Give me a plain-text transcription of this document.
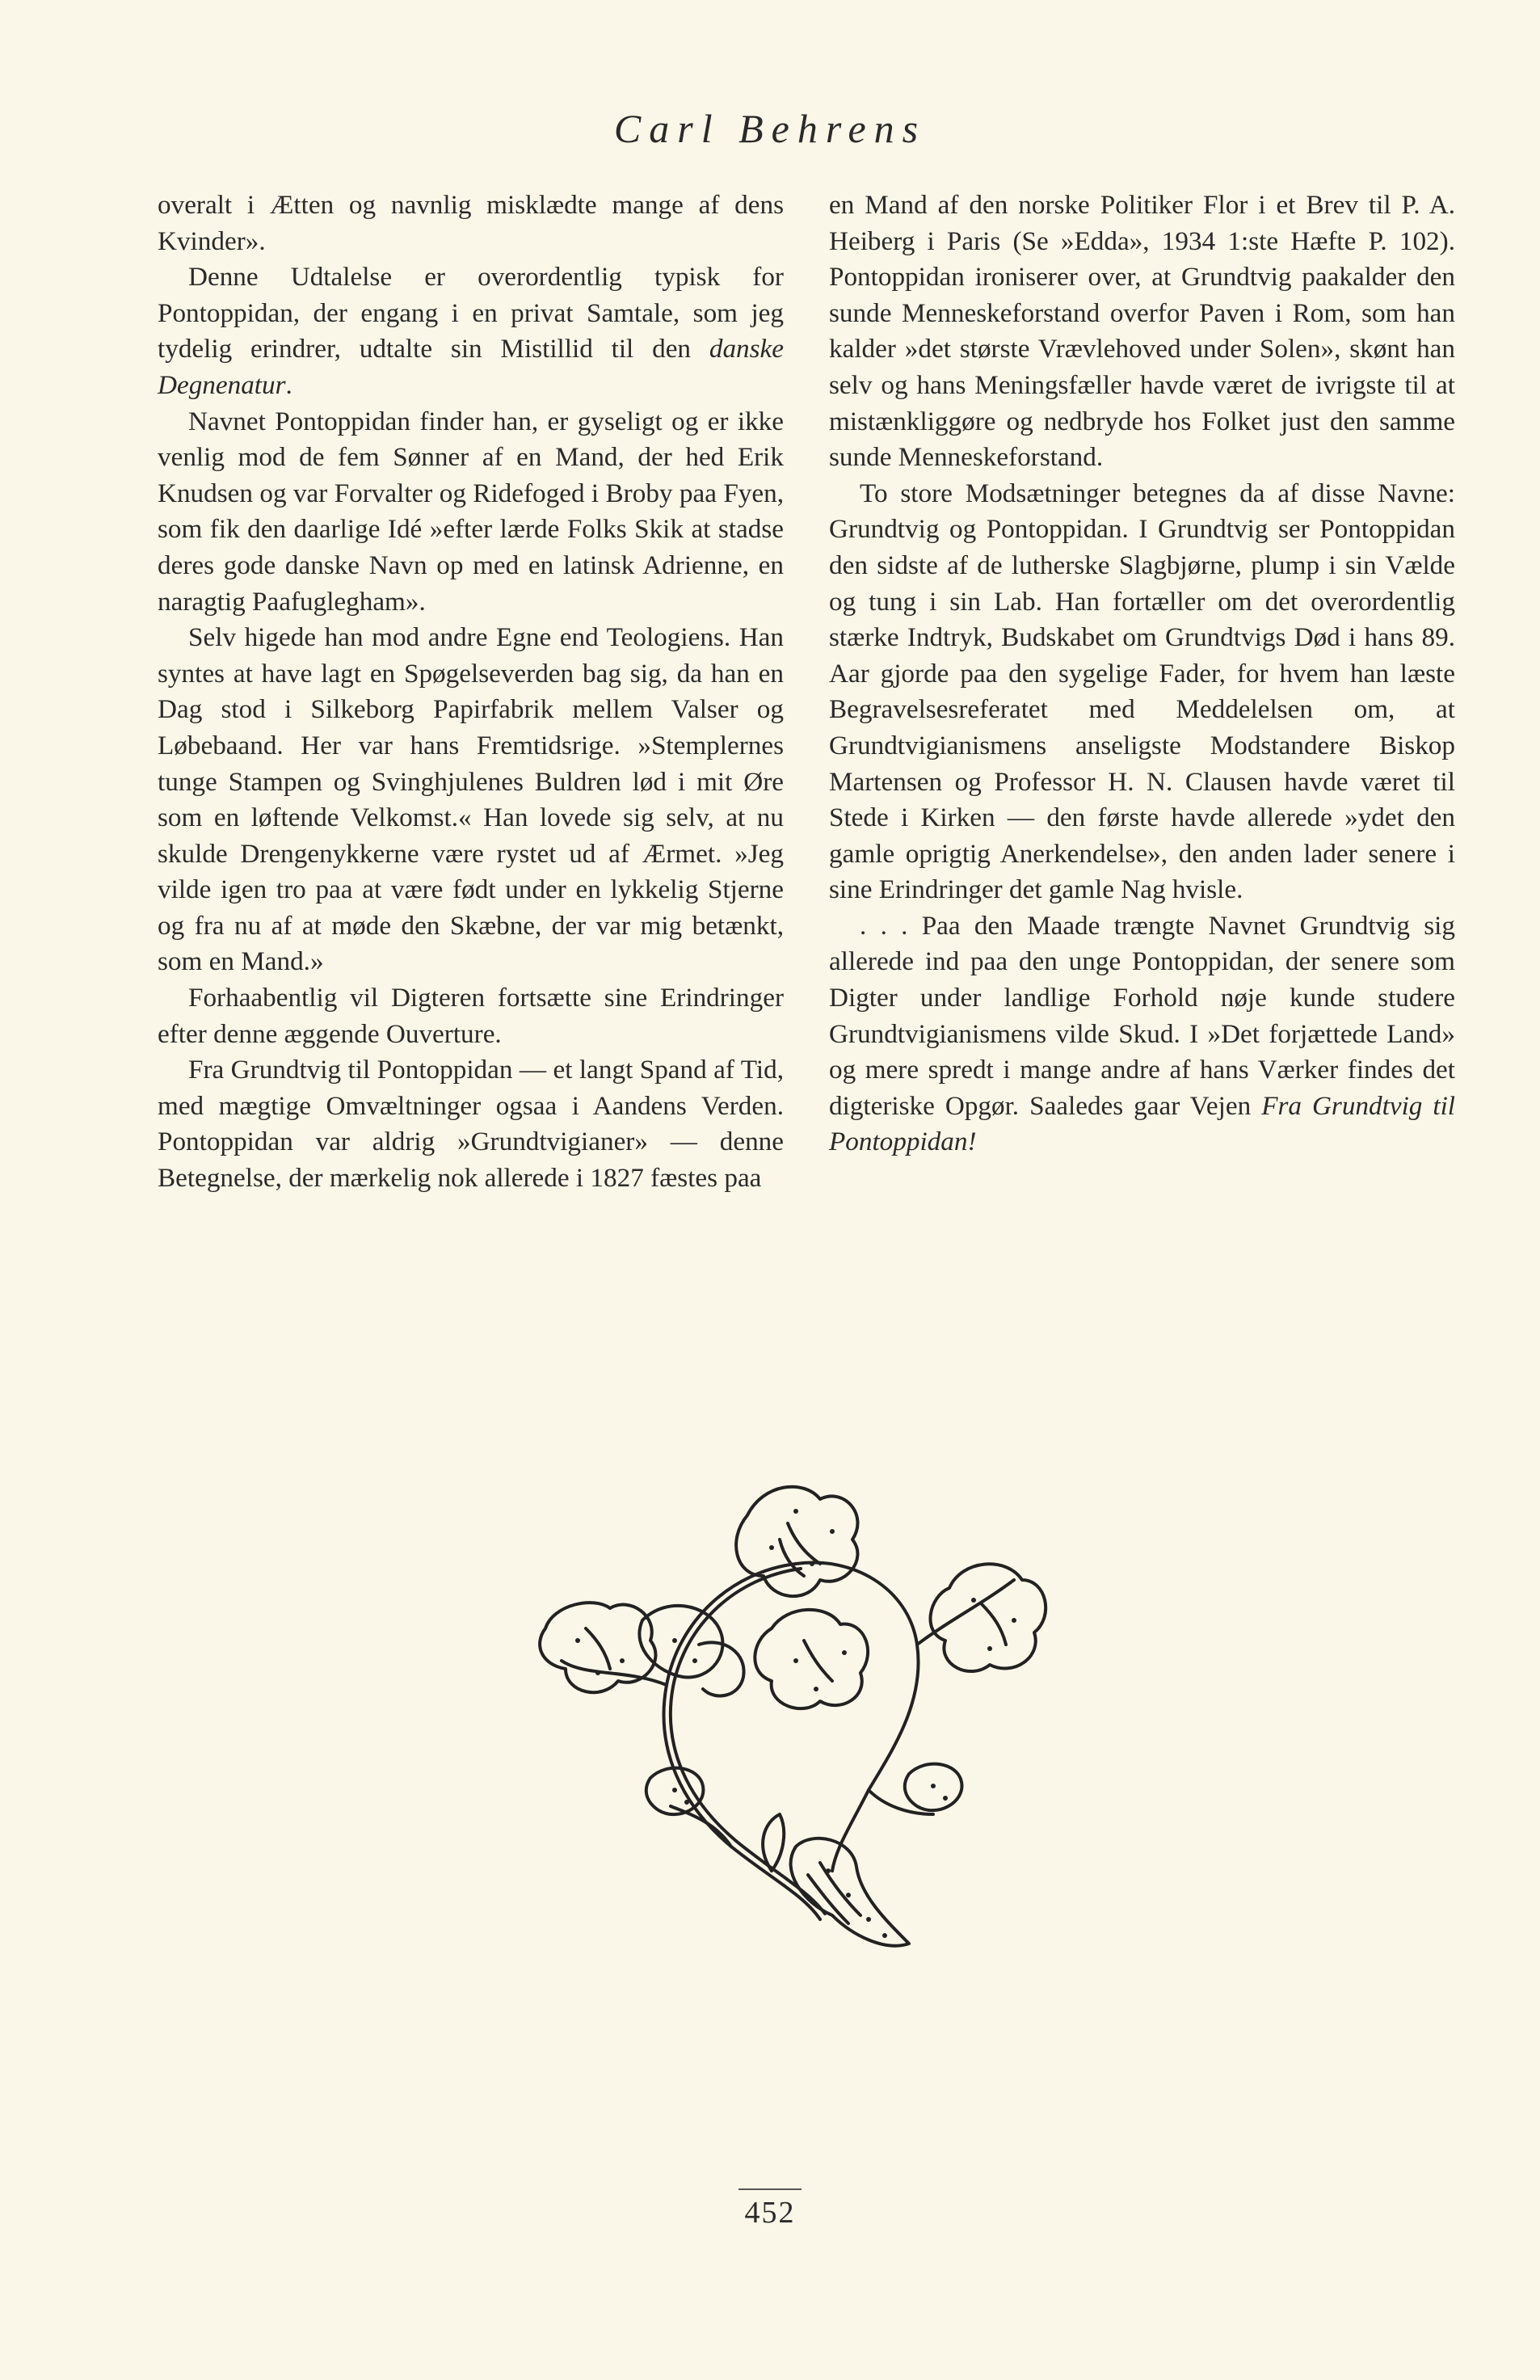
Carl Behrens

overalt i Ætten og navnlig misklædte mange af dens Kvinder».

Denne Udtalelse er overordentlig typisk for Pontoppidan, der engang i en privat Samtale, som jeg tydelig erindrer, udtalte sin Mistillid til den danske Degnenatur.

Navnet Pontoppidan finder han, er gyseligt og er ikke venlig mod de fem Sønner af en Mand, der hed Erik Knudsen og var Forvalter og Ridefoged i Broby paa Fyen, som fik den daarlige Idé »efter lærde Folks Skik at stadse deres gode danske Navn op med en latinsk Adrienne, en naragtig Paafuglegham».

Selv higede han mod andre Egne end Teologiens. Han syntes at have lagt en Spøgelseverden bag sig, da han en Dag stod i Silkeborg Papirfabrik mellem Valser og Løbebaand. Her var hans Fremtidsrige. »Stemplernes tunge Stampen og Svinghjulenes Buldren lød i mit Øre som en løftende Velkomst.« Han lovede sig selv, at nu skulde Drengenykkerne være rystet ud af Ærmet. »Jeg vilde igen tro paa at være født under en lykkelig Stjerne og fra nu af at møde den Skæbne, der var mig betænkt, som en Mand.»

Forhaabentlig vil Digteren fortsætte sine Erindringer efter denne æggende Ouverture.

Fra Grundtvig til Pontoppidan — et langt Spand af Tid, med mægtige Omvæltninger ogsaa i Aandens Verden. Pontoppidan var aldrig »Grundtvigianer» — denne Betegnelse, der mærkelig nok allerede i 1827 fæstes paa

en Mand af den norske Politiker Flor i et Brev til P. A. Heiberg i Paris (Se »Edda», 1934 1:ste Hæfte P. 102). Pontoppidan ironiserer over, at Grundtvig paakalder den sunde Menneskeforstand overfor Paven i Rom, som han kalder »det største Vrævlehoved under Solen», skønt han selv og hans Meningsfæller havde været de ivrigste til at mistænkliggøre og nedbryde hos Folket just den samme sunde Menneskeforstand.

To store Modsætninger betegnes da af disse Navne: Grundtvig og Pontoppidan. I Grundtvig ser Pontoppidan den sidste af de lutherske Slagbjørne, plump i sin Vælde og tung i sin Lab. Han fortæller om det overordentlig stærke Indtryk, Budskabet om Grundtvigs Død i hans 89. Aar gjorde paa den sygelige Fader, for hvem han læste Begravelsesreferatet med Meddelelsen om, at Grundtvigianismens anseligste Modstandere Biskop Martensen og Professor H. N. Clausen havde været til Stede i Kirken — den første havde allerede »ydet den gamle oprigtig Anerkendelse», den anden lader senere i sine Erindringer det gamle Nag hvisle.

. . . Paa den Maade trængte Navnet Grundtvig sig allerede ind paa den unge Pontoppidan, der senere som Digter under landlige Forhold nøje kunde studere Grundtvigianismens vilde Skud. I »Det forjættede Land» og mere spredt i mange andre af hans Værker findes det digteriske Opgør. Saaledes gaar Vejen Fra Grundtvig til Pontoppidan!

452
